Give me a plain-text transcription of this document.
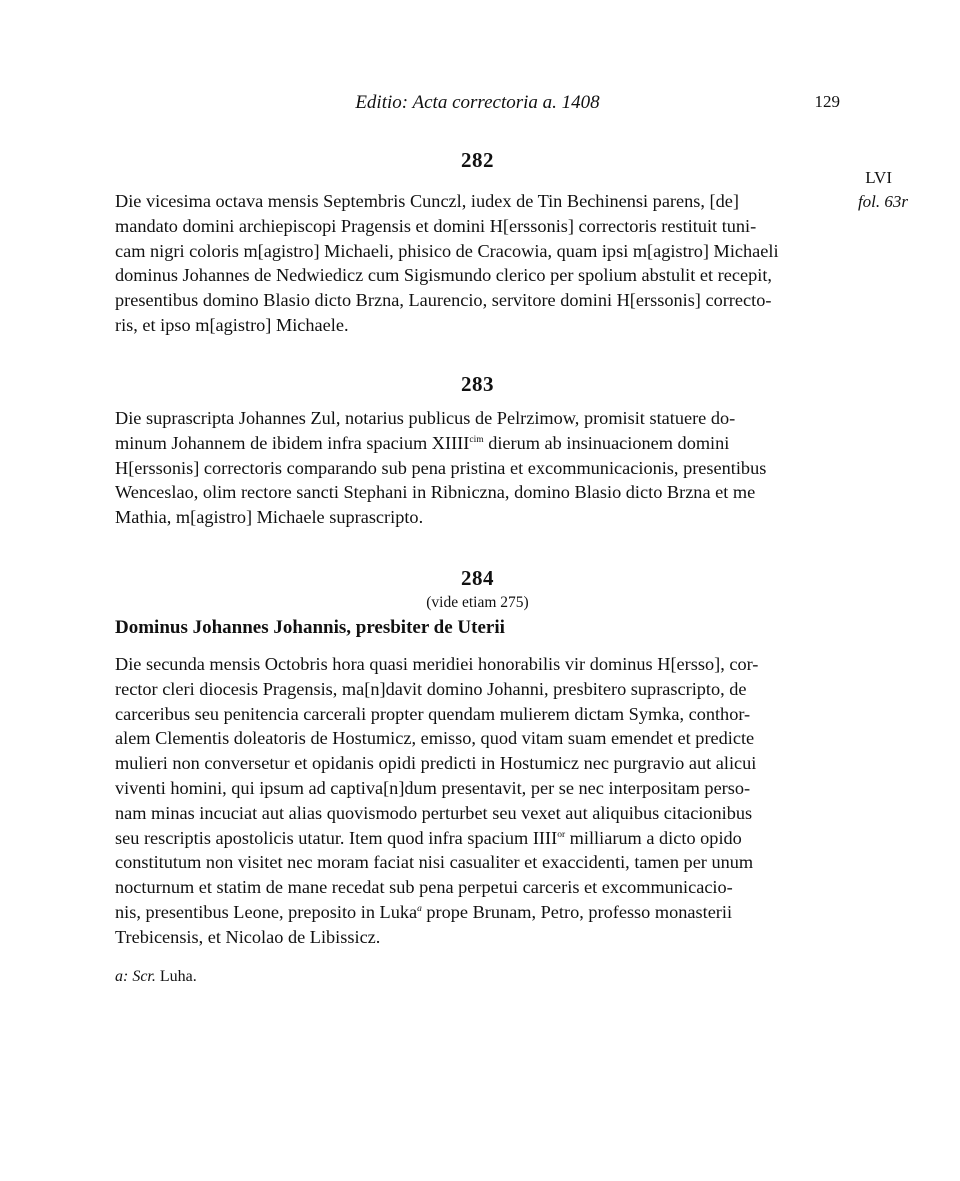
Editio: Acta correctoria a. 1408	129
282
LVI
fol. 63r
Die vicesima octava mensis Septembris Cunczl, iudex de Tin Bechinensi parens, [de]
mandato domini archiepiscopi Pragensis et domini H[erssonis] correctoris restituit tuni-
cam nigri coloris m[agistro] Michaeli, phisico de Cracowia, quam ipsi m[agistro] Michaeli
dominus Johannes de Nedwiedicz cum Sigismundo clerico per spolium abstulit et recepit,
presentibus domino Blasio dicto Brzna, Laurencio, servitore domini H[erssonis] correcto-
ris, et ipso m[agistro] Michaele.
283
Die suprascripta Johannes Zul, notarius publicus de Pelrzimow, promisit statuere do-
minum Johannem de ibidem infra spacium $XIIII^{cim}$ dierum ab insinuacionem domini
H[erssonis] correctoris comparando sub pena pristina et excommunicacionis, presentibus
Wenceslao, olim rectore sancti Stephani in Ribniczna, domino Blasio dicto Brzna et me
Mathia, m[agistro] Michaele suprascripto.
284
(vide etiam 275)
Dominus Johannes Johannis, presbiter de Uterii
Die secunda mensis Octobris hora quasi meridiei honorabilis vir dominus H[ersso], cor-
rector cleri diocesis Pragensis, ma[n]davit domino Johanni, presbitero suprascripto, de
carceribus seu penitencia carcerali propter quendam mulierem dictam Symka, conthor-
alem Clementis doleatoris de Hostumicz, emisso, quod vitam suam emendet et predicte
mulieri non conversetur et opidanis opidi predicti in Hostumicz nec purgravio aut alicui
viventi homini, qui ipsum ad captiva[n]dum presentavit, per se nec interpositam perso-
nam minas incuciat aut alias quovismodo perturbet seu vexet aut aliquibus citacionibus
seu rescriptis apostolicis utatur. Item quod infra spacium $IIII^{or}$ milliarum a dicto opido
constitutum non visitet nec moram faciat nisi casualiter et exaccidenti, tamen per unum
nocturnum et statim de mane recedat sub pena perpetui carceris et excommunicacio-
nis, presentibus Leone, preposito in Luka$^a$ prope Brunam, Petro, professo monasterii
Trebicensis, et Nicolao de Libissicz.
a: Scr. Luha.
